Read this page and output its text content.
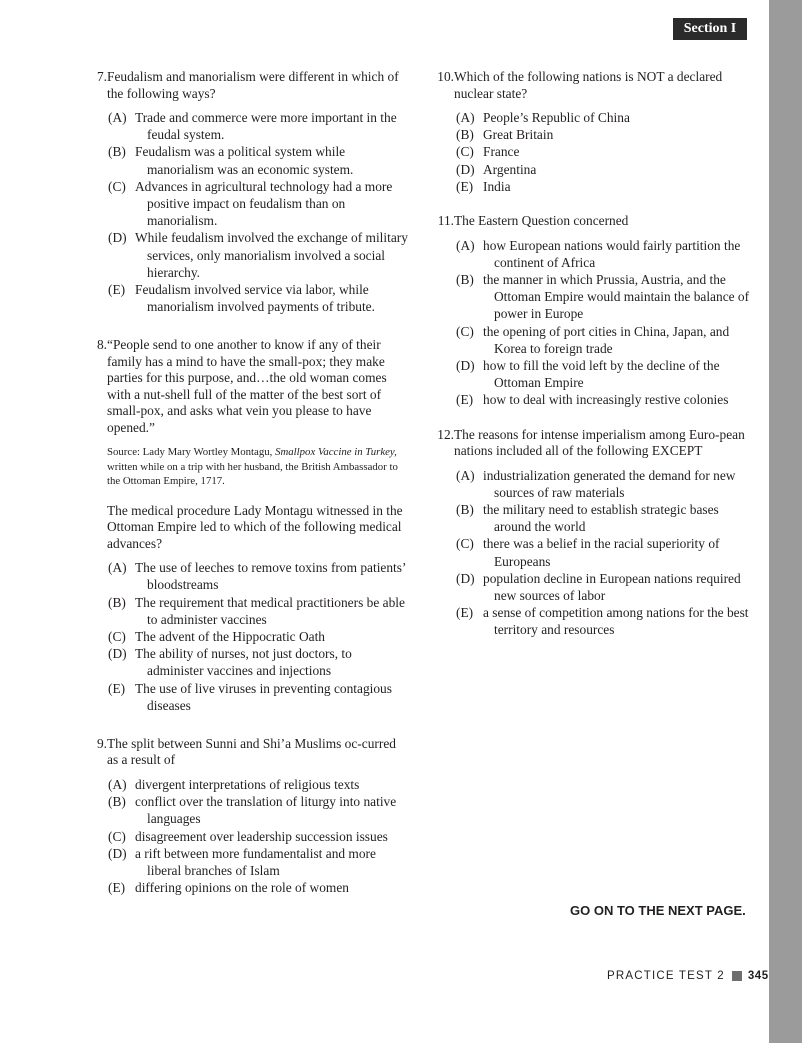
Section I
7. Feudalism and manorialism were different in which of the following ways?
(A) Trade and commerce were more important in the feudal system.
(B) Feudalism was a political system while manorialism was an economic system.
(C) Advances in agricultural technology had a more positive impact on feudalism than on manorialism.
(D) While feudalism involved the exchange of military services, only manorialism involved a social hierarchy.
(E) Feudalism involved service via labor, while manorialism involved payments of tribute.
8. “People send to one another to know if any of their family has a mind to have the small-pox; they make parties for this purpose, and…the old woman comes with a nut-shell full of the matter of the best sort of small-pox, and asks what vein you please to have opened.”
Source: Lady Mary Wortley Montagu, Smallpox Vaccine in Turkey, written while on a trip with her husband, the British Ambassador to the Ottoman Empire, 1717.
The medical procedure Lady Montagu witnessed in the Ottoman Empire led to which of the following medical advances?
(A) The use of leeches to remove toxins from patients’ bloodstreams
(B) The requirement that medical practitioners be able to administer vaccines
(C) The advent of the Hippocratic Oath
(D) The ability of nurses, not just doctors, to administer vaccines and injections
(E) The use of live viruses in preventing contagious diseases
9. The split between Sunni and Shi’a Muslims oc-curred as a result of
(A) divergent interpretations of religious texts
(B) conflict over the translation of liturgy into native languages
(C) disagreement over leadership succession issues
(D) a rift between more fundamentalist and more liberal branches of Islam
(E) differing opinions on the role of women
10. Which of the following nations is NOT a declared nuclear state?
(A) People’s Republic of China
(B) Great Britain
(C) France
(D) Argentina
(E) India
11. The Eastern Question concerned
(A) how European nations would fairly partition the continent of Africa
(B) the manner in which Prussia, Austria, and the Ottoman Empire would maintain the balance of power in Europe
(C) the opening of port cities in China, Japan, and Korea to foreign trade
(D) how to fill the void left by the decline of the Ottoman Empire
(E) how to deal with increasingly restive colonies
12. The reasons for intense imperialism among Euro-pean nations included all of the following EXCEPT
(A) industrialization generated the demand for new sources of raw materials
(B) the military need to establish strategic bases around the world
(C) there was a belief in the racial superiority of Europeans
(D) population decline in European nations required new sources of labor
(E) a sense of competition among nations for the best territory and resources
GO ON TO THE NEXT PAGE.
PRACTICE TEST 2 345
